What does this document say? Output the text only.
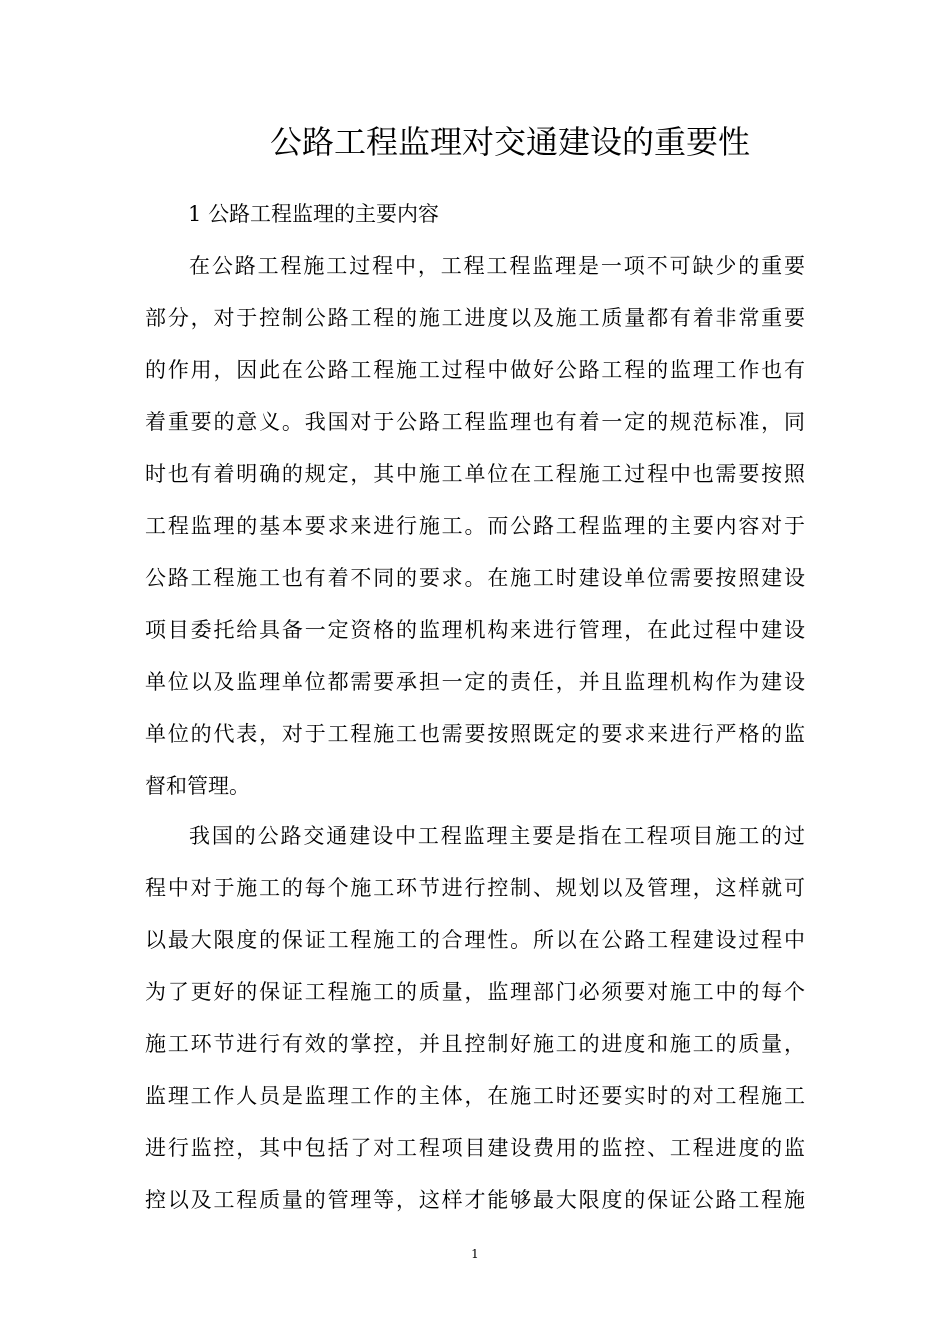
公路工程监理对交通建设的重要性

1 公路工程监理的主要内容

在公路工程施工过程中，工程工程监理是一项不可缺少的重要
部分，对于控制公路工程的施工进度以及施工质量都有着非常重要
的作用，因此在公路工程施工过程中做好公路工程的监理工作也有
着重要的意义。我国对于公路工程监理也有着一定的规范标准，同
时也有着明确的规定，其中施工单位在工程施工过程中也需要按照
工程监理的基本要求来进行施工。而公路工程监理的主要内容对于
公路工程施工也有着不同的要求。在施工时建设单位需要按照建设
项目委托给具备一定资格的监理机构来进行管理，在此过程中建设
单位以及监理单位都需要承担一定的责任，并且监理机构作为建设
单位的代表，对于工程施工也需要按照既定的要求来进行严格的监
督和管理。
我国的公路交通建设中工程监理主要是指在工程项目施工的过
程中对于施工的每个施工环节进行控制、规划以及管理，这样就可
以最大限度的保证工程施工的合理性。所以在公路工程建设过程中
为了更好的保证工程施工的质量，监理部门必须要对施工中的每个
施工环节进行有效的掌控，并且控制好施工的进度和施工的质量，
监理工作人员是监理工作的主体，在施工时还要实时的对工程施工
进行监控，其中包括了对工程项目建设费用的监控、工程进度的监
控以及工程质量的管理等，这样才能够最大限度的保证公路工程施
1
